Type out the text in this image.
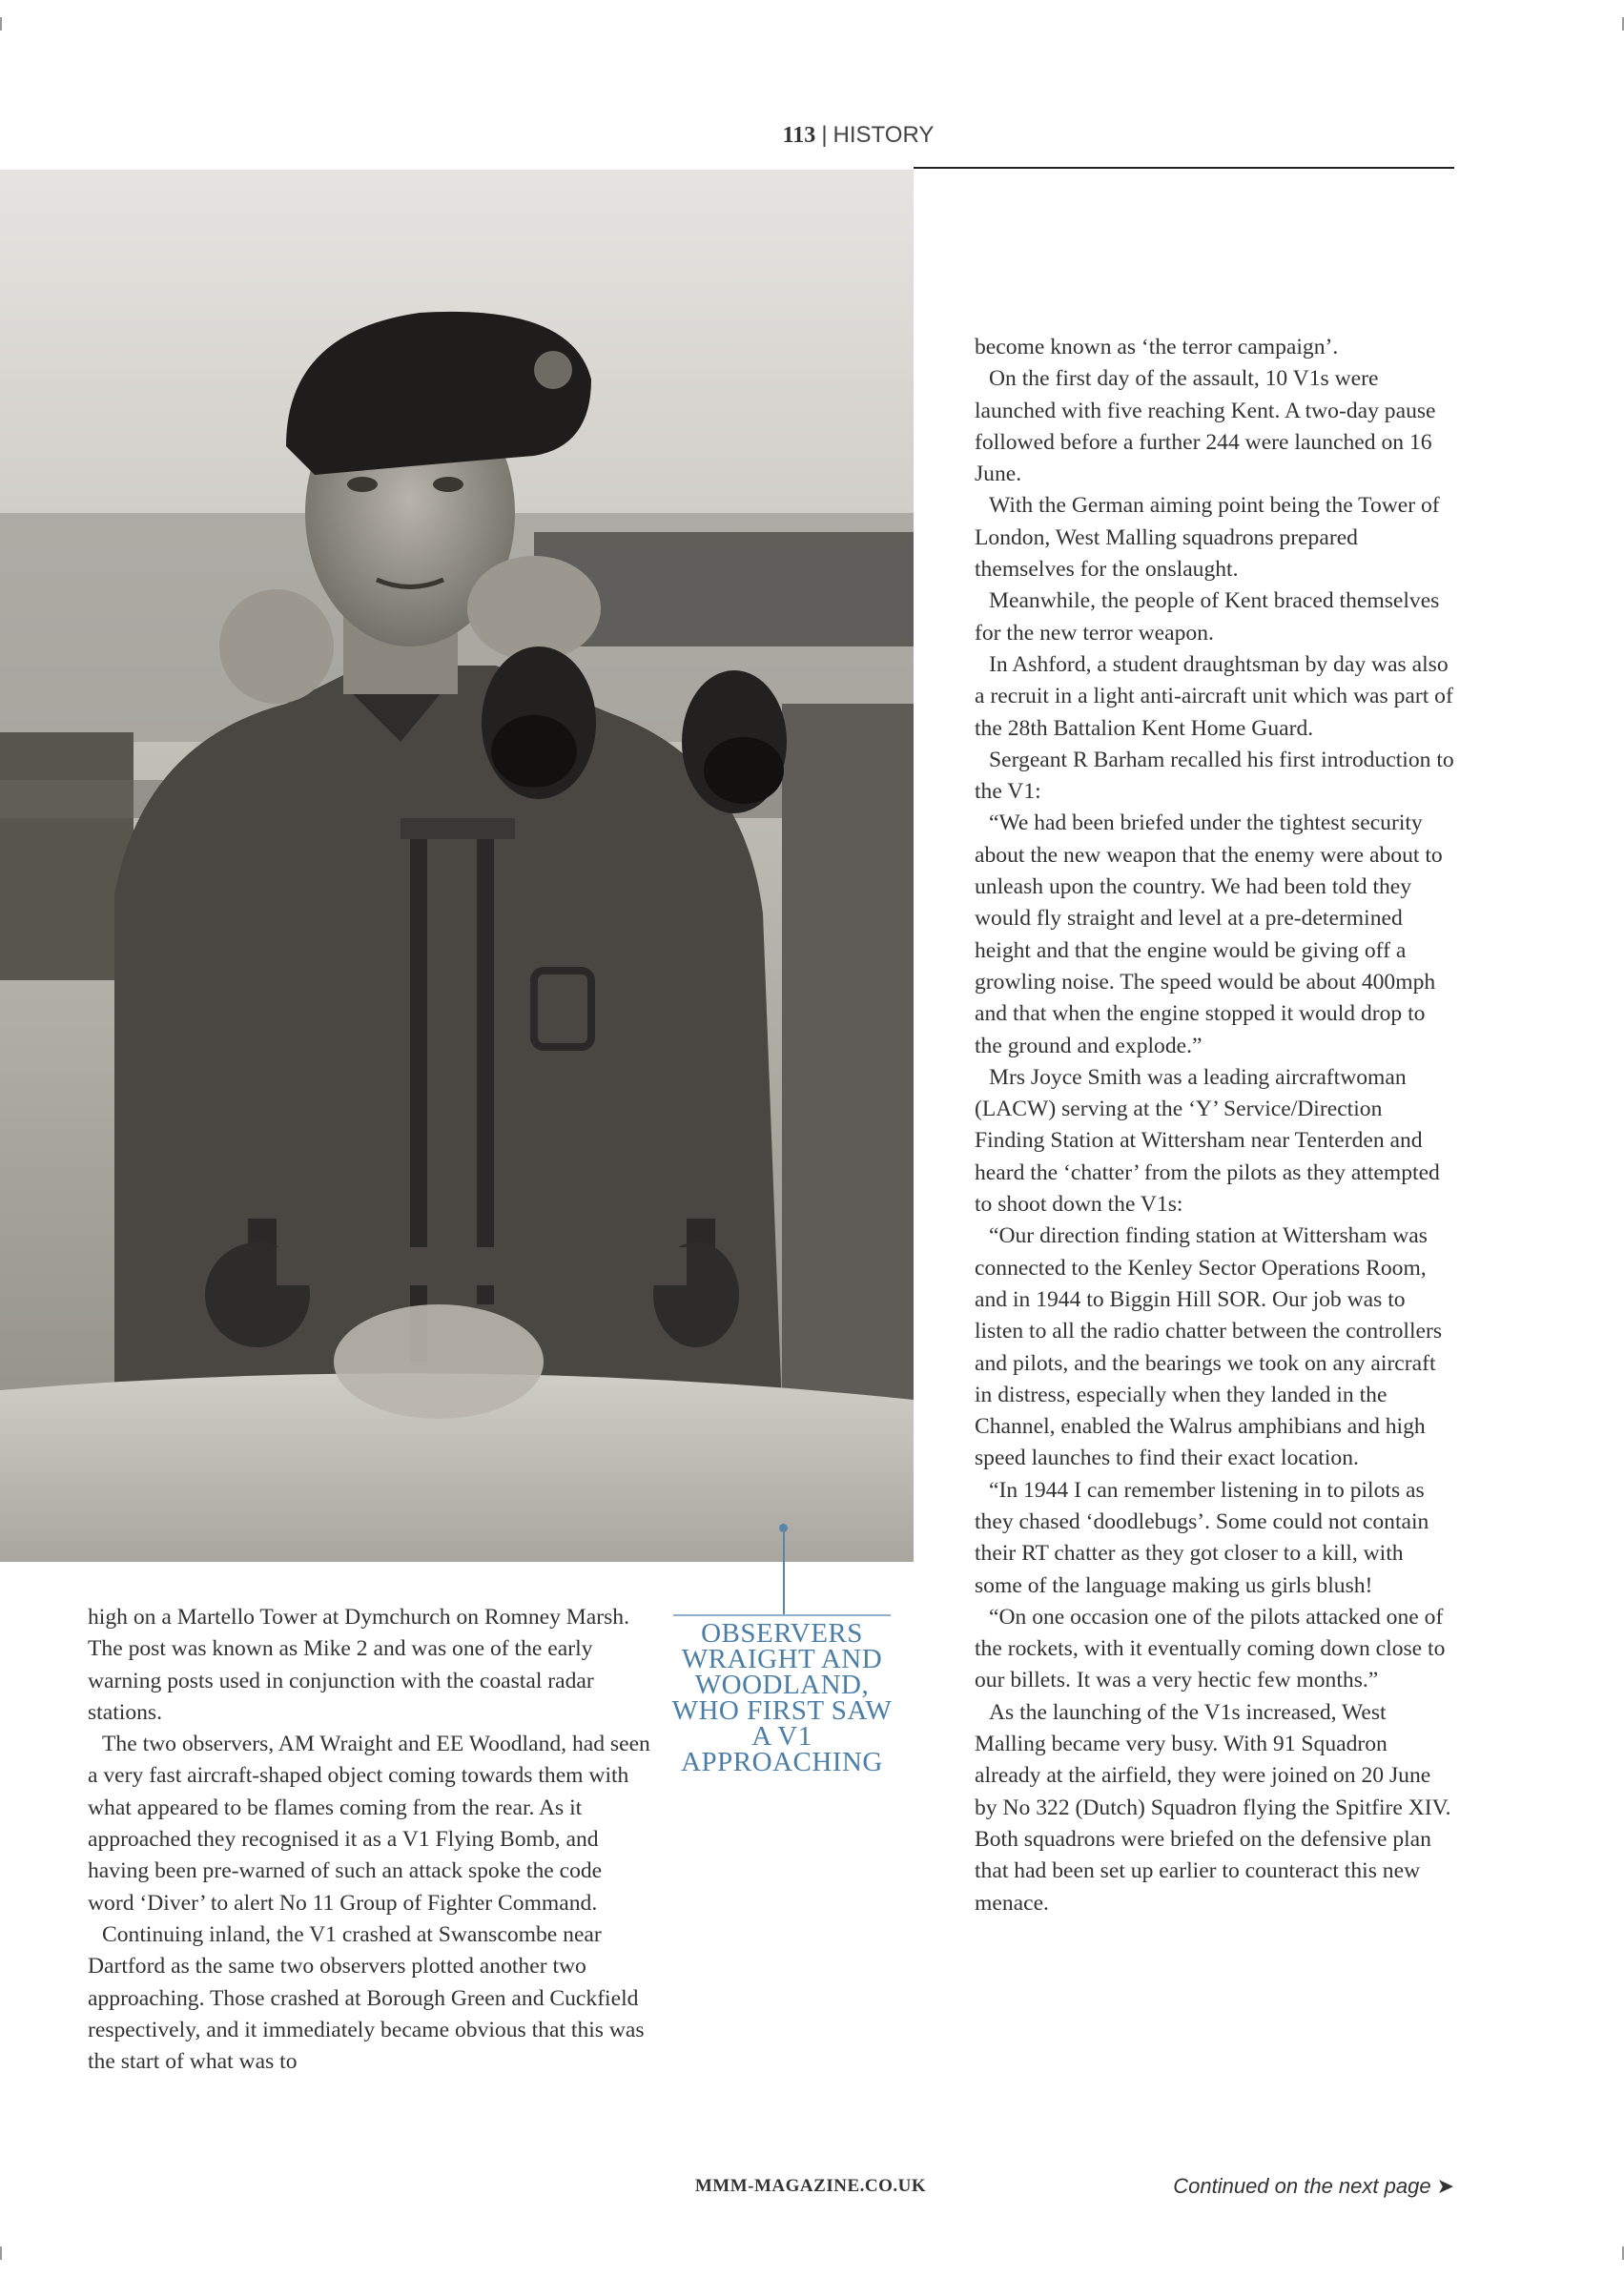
113 | HISTORY
OBSERVERS WRAIGHT AND WOODLAND, WHO FIRST SAW A V1 APPROACHING

high on a Martello Tower at Dymchurch on Romney Marsh. The post was known as Mike 2 and was one of the early warning posts used in conjunction with the coastal radar stations.

The two observers, AM Wraight and EE Woodland, had seen a very fast aircraft-shaped object coming towards them with what appeared to be flames coming from the rear. As it approached they recognised it as a V1 Flying Bomb, and having been pre-warned of such an attack spoke the code word ‘Diver’ to alert No 11 Group of Fighter Command.

Continuing inland, the V1 crashed at Swanscombe near Dartford as the same two observers plotted another two approaching. Those crashed at Borough Green and Cuckfield respectively, and it immediately became obvious that this was the start of what was to

become known as ‘the terror campaign’.

On the first day of the assault, 10 V1s were launched with five reaching Kent. A two-day pause followed before a further 244 were launched on 16 June.

With the German aiming point being the Tower of London, West Malling squadrons prepared themselves for the onslaught.

Meanwhile, the people of Kent braced themselves for the new terror weapon.

In Ashford, a student draughtsman by day was also a recruit in a light anti-aircraft unit which was part of the 28th Battalion Kent Home Guard.

Sergeant R Barham recalled his first introduction to the V1:

“We had been briefed under the tightest security about the new weapon that the enemy were about to unleash upon the country. We had been told they would fly straight and level at a pre-determined height and that the engine would be giving off a growling noise. The speed would be about 400mph and that when the engine stopped it would drop to the ground and explode.”

Mrs Joyce Smith was a leading aircraftwoman (LACW) serving at the ‘Y’ Service/Direction Finding Station at Wittersham near Tenterden and heard the ‘chatter’ from the pilots as they attempted to shoot down the V1s:

“Our direction finding station at Wittersham was connected to the Kenley Sector Operations Room, and in 1944 to Biggin Hill SOR. Our job was to listen to all the radio chatter between the controllers and pilots, and the bearings we took on any aircraft in distress, especially when they landed in the Channel, enabled the Walrus amphibians and high speed launches to find their exact location.

“In 1944 I can remember listening in to pilots as they chased ‘doodlebugs’. Some could not contain their RT chatter as they got closer to a kill, with some of the language making us girls blush!

“On one occasion one of the pilots attacked one of the rockets, with it eventually coming down close to our billets. It was a very hectic few months.”

As the launching of the V1s increased, West Malling became very busy. With 91 Squadron already at the airfield, they were joined on 20 June by No 322 (Dutch) Squadron flying the Spitfire XIV. Both squadrons were briefed on the defensive plan that had been set up earlier to counteract this new menace.

MMM-MAGAZINE.CO.UK	Continued on the next page ➤
